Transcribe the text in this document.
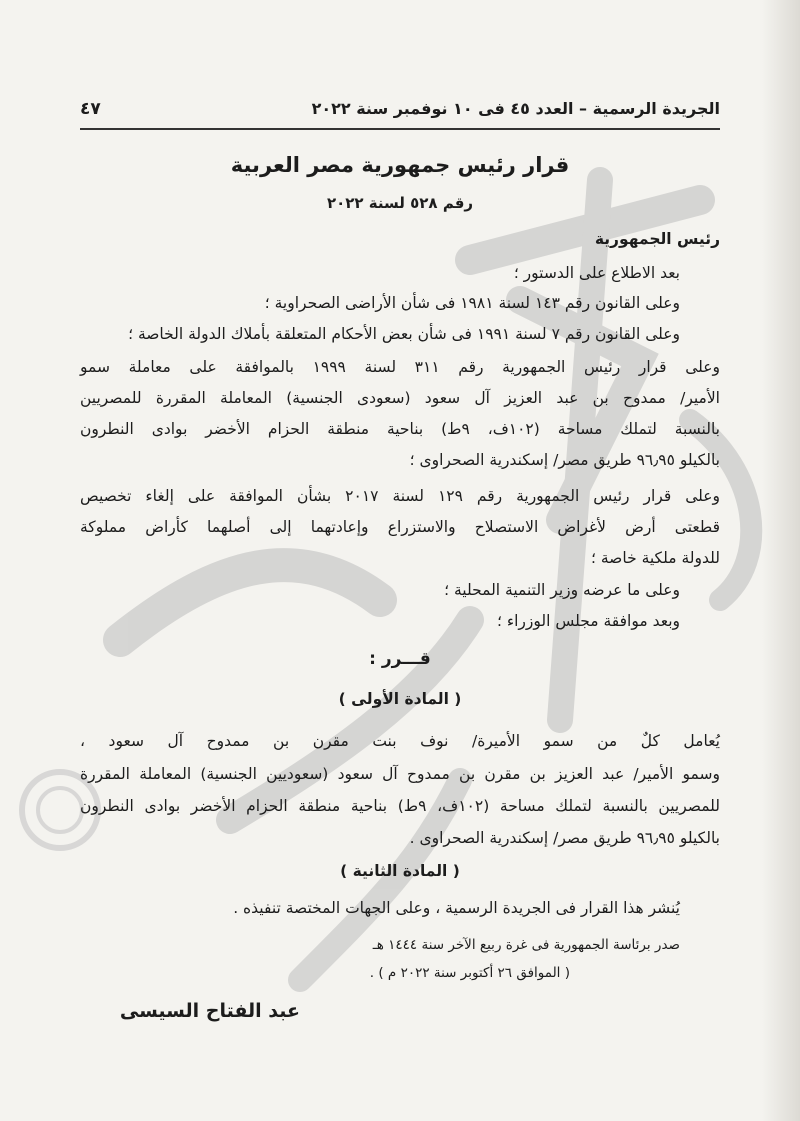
الجريدة الرسمية – العدد ٤٥ فى ١٠ نوفمبر سنة ٢٠٢٢
٤٧
قرار رئيس جمهورية مصر العربية
رقم ٥٢٨ لسنة ٢٠٢٢
رئيس الجمهورية
بعد الاطلاع على الدستور ؛
وعلى القانون رقم ١٤٣ لسنة ١٩٨١ فى شأن الأراضى الصحراوية ؛
وعلى القانون رقم ٧ لسنة ١٩٩١ فى شأن بعض الأحكام المتعلقة بأملاك الدولة الخاصة ؛
وعلى قرار رئيس الجمهورية رقم ٣١١ لسنة ١٩٩٩ بالموافقة على معاملة سمو
الأمير/ ممدوح بن عبد العزيز آل سعود (سعودى الجنسية) المعاملة المقررة للمصريين
بالنسبة لتملك مساحة (١٠٢ف، ٩ط) بناحية منطقة الحزام الأخضر بوادى النطرون
بالكيلو ٩٦٫٩٥ طريق مصر/ إسكندرية الصحراوى ؛
وعلى قرار رئيس الجمهورية رقم ١٢٩ لسنة ٢٠١٧ بشأن الموافقة على إلغاء تخصيص
قطعتى أرض لأغراض الاستصلاح والاستزراع وإعادتهما إلى أصلهما كأراض مملوكة
للدولة ملكية خاصة ؛
وعلى ما عرضه وزير التنمية المحلية ؛
وبعد موافقة مجلس الوزراء ؛
قـــرر :
( المادة الأولى )
يُعامل كلٌ من سمو الأميرة/ نوف بنت مقرن بن ممدوح آل سعود ،
وسمو الأمير/ عبد العزيز بن مقرن بن ممدوح آل سعود (سعوديين الجنسية) المعاملة المقررة
للمصريين بالنسبة لتملك مساحة (١٠٢ف، ٩ط) بناحية منطقة الحزام الأخضر بوادى النطرون
بالكيلو ٩٦٫٩٥ طريق مصر/ إسكندرية الصحراوى .
( المادة الثانية )
يُنشر هذا القرار فى الجريدة الرسمية ، وعلى الجهات المختصة تنفيذه .
صدر برئاسة الجمهورية فى غرة ربيع الآخر سنة ١٤٤٤ هـ
( الموافق ٢٦ أكتوبر سنة ٢٠٢٢ م ) .
عبد الفتاح السيسى
